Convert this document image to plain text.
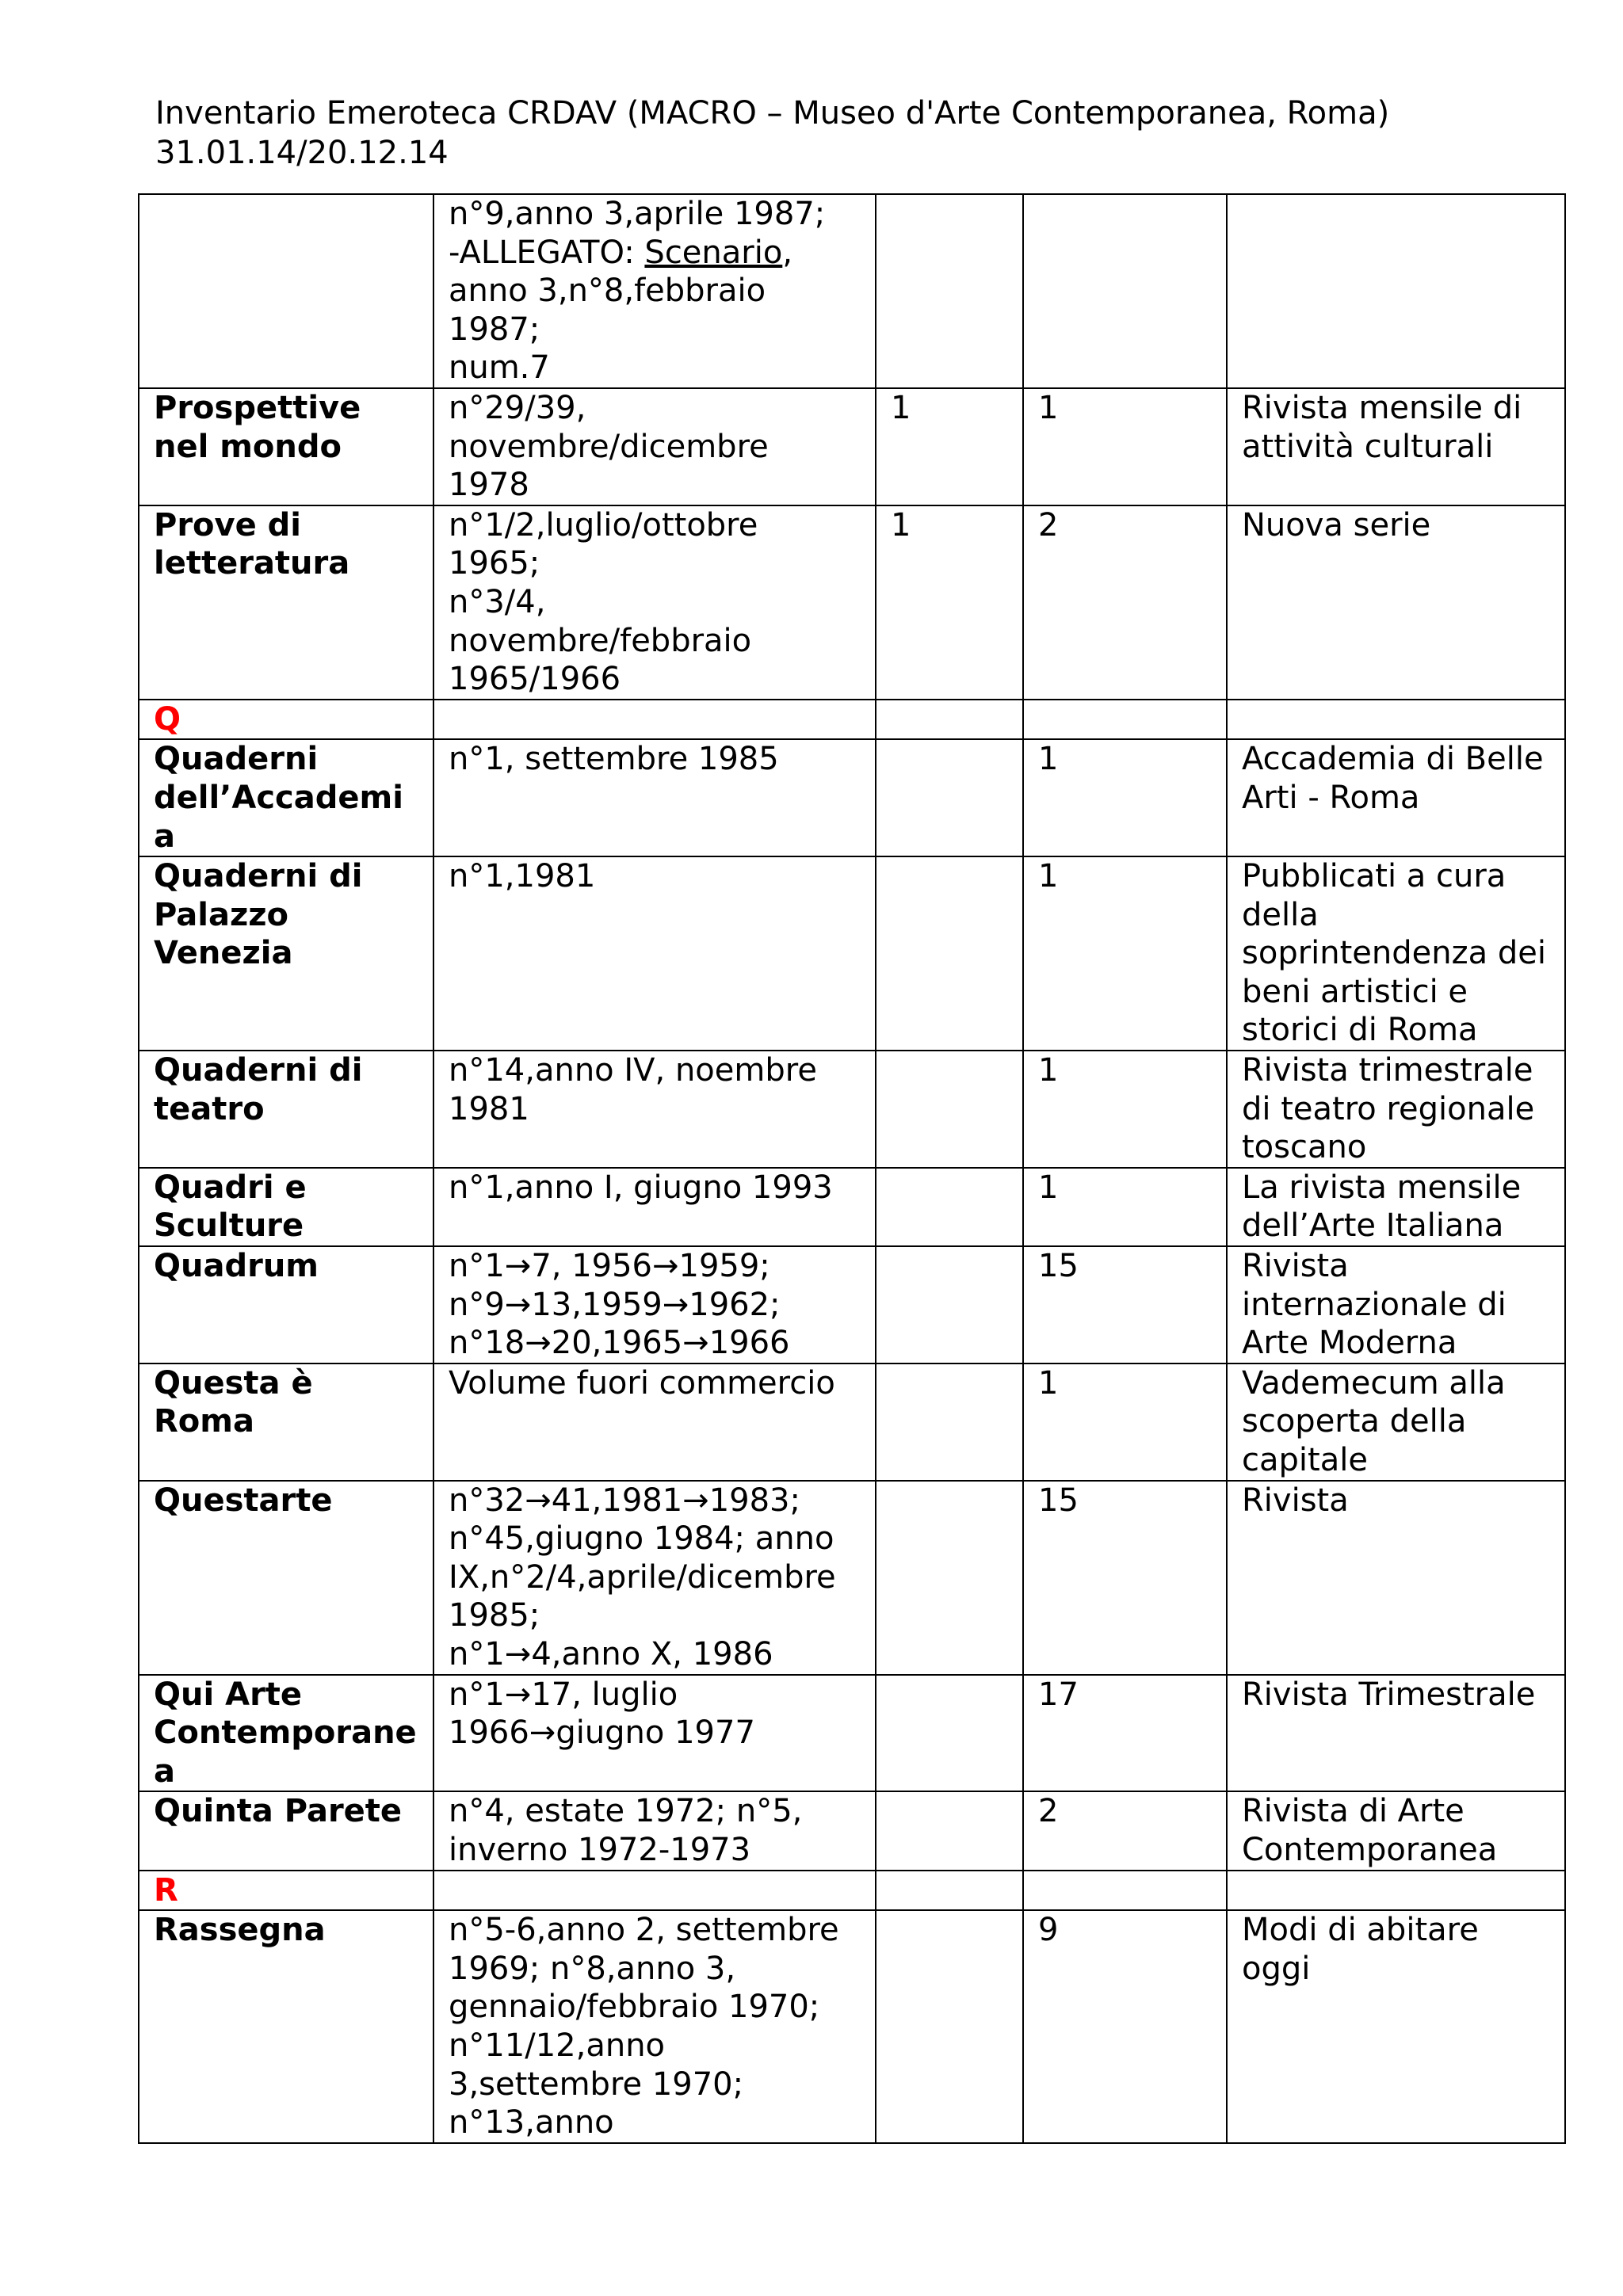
Inventario Emeroteca CRDAV (MACRO – Museo d'Arte Contemporanea, Roma)
31.01.14/20.12.14

	n°9,anno 3,aprile 1987;
-ALLEGATO: Scenario,
anno 3,n°8,febbraio
1987;
num.7			

Prospettive nel mondo	n°29/39,
novembre/dicembre
1978	1	1	Rivista mensile di attività culturali
Prove di letteratura	n°1/2,luglio/ottobre
1965;
n°3/4,
novembre/febbraio
1965/1966	1	2	Nuova serie
Q				
Quaderni dell’Accademia	n°1, settembre 1985		1	Accademia di Belle Arti - Roma
Quaderni di Palazzo Venezia	n°1,1981		1	Pubblicati a cura della soprintendenza dei beni artistici e storici di Roma
Quaderni di teatro	n°14,anno IV, noembre 1981		1	Rivista trimestrale di teatro regionale toscano
Quadri e Sculture	n°1,anno I, giugno 1993		1	La rivista mensile dell’Arte Italiana
Quadrum	n°1→7, 1956→1959;
n°9→13,1959→1962;
n°18→20,1965→1966		15	Rivista internazionale di Arte Moderna
Questa è Roma	Volume fuori commercio		1	Vademecum alla scoperta della capitale
Questarte	n°32→41,1981→1983;
n°45,giugno 1984; anno IX,n°2/4,aprile/dicembre 1985;
n°1→4,anno X, 1986		15	Rivista
Qui Arte Contemporanea	n°1→17, luglio
1966→giugno 1977		17	Rivista Trimestrale
Quinta Parete	n°4, estate 1972; n°5, inverno 1972-1973		2	Rivista di Arte Contemporanea
R				
Rassegna	n°5-6,anno 2, settembre 1969; n°8,anno 3, gennaio/febbraio 1970;
n°11/12,anno 3,settembre 1970;
n°13,anno		9	Modi di abitare oggi
